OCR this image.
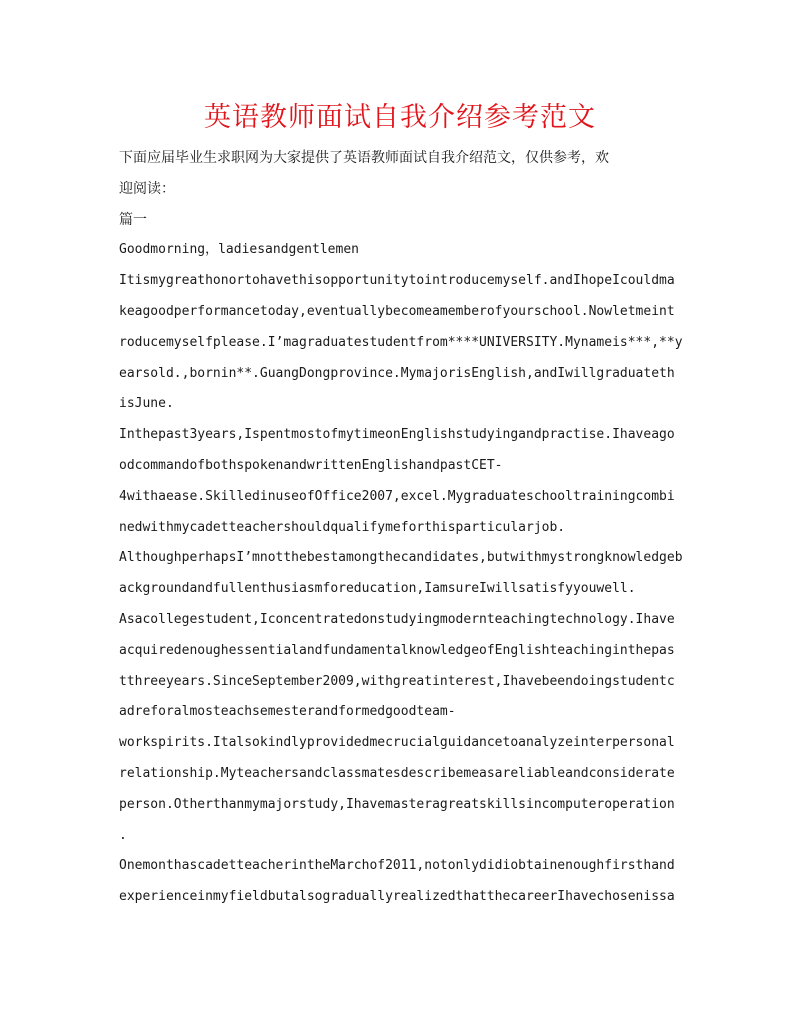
英语教师面试自我介绍参考范文
下面应届毕业生求职网为大家提供了英语教师面试自我介绍范文，仅供参考，欢
迎阅读：
篇一
Goodmorning，ladiesandgentlemen
Itismygreathonortohavethisopportunitytointroducemyself.andIhopeIcouldma
keagoodperformancetoday,eventuallybecomeamemberofyourschool.Nowletmeint
roducemyselfplease.I’magraduatestudentfrom****UNIVERSITY.Mynameis***,**y
earsold.,bornin**.GuangDongprovince.MymajorisEnglish,andIwillgraduateth
isJune.
Inthepast3years,IspentmostofmytimeonEnglishstudyingandpractise.Ihaveago
odcommandofbothspokenandwrittenEnglishandpastCET-
4withaease.SkilledinuseofOffice2007,excel.Mygraduateschooltrainingcombi
nedwithmycadetteachershouldqualifymeforthisparticularjob.
AlthoughperhapsI’mnotthebestamongthecandidates,butwithmystrongknowledgeb
ackgroundandfullenthusiasmforeducation,IamsureIwillsatisfyyouwell.
Asacollegestudent,Iconcentratedonstudyingmodernteachingtechnology.Ihave
acquiredenoughessentialandfundamentalknowledgeofEnglishteachinginthepas
tthreeyears.SinceSeptember2009,withgreatinterest,Ihavebeendoingstudentc
adreforalmosteachsemesterandformedgoodteam-
workspirits.Italsokindlyprovidedmecrucialguidancetoanalyzeinterpersonal
relationship.Myteachersandclassmatesdescribemeasareliableandconsiderate
person.Otherthanmymajorstudy,Ihavemasteragreatskillsincomputeroperation
.
OnemonthascadetteacherintheMarchof2011,notonlydidiobtainenoughfirsthand
experienceinmyfieldbutalsograduallyrealizedthatthecareerIhavechosenissa
